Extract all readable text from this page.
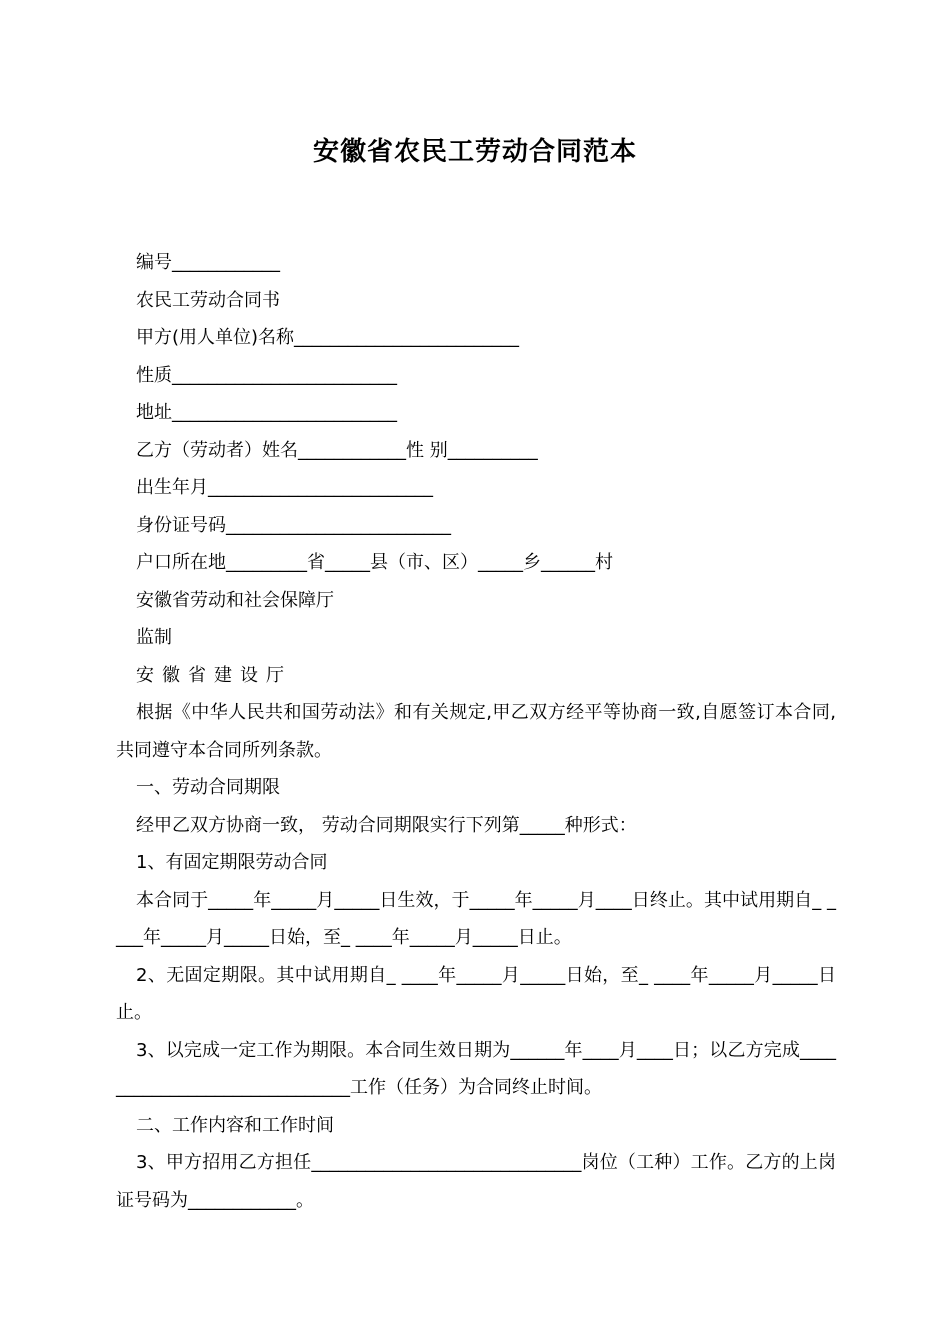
安徽省农民工劳动合同范本

编号____________

农民工劳动合同书

甲方(用人单位)名称_________________________

性质_________________________

地址_________________________

乙方（劳动者）姓名____________性 别__________

出生年月_________________________

身份证号码_________________________

户口所在地_________省_____县（市、区）_____乡______村

安徽省劳动和社会保障厅

监制

安徽省建设厅

根据《中华人民共和国劳动法》和有关规定,甲乙双方经平等协商一致,自愿签订本合同,共同遵守本合同所列条款。

一、劳动合同期限

经甲乙双方协商一致， 劳动合同期限实行下列第_____种形式：

1、有固定期限劳动合同

本合同于_____年_____月_____日生效，于_____年_____月____日终止。其中试用期自_ ____年_____月_____日始，至_ ____年_____月_____日止。

2、无固定期限。其中试用期自_ ____年_____月_____日始，至_ ____年_____月_____日止。

3、以完成一定工作为期限。本合同生效日期为______年____月____日；以乙方完成______________________________工作（任务）为合同终止时间。

二、工作内容和工作时间

3、甲方招用乙方担任______________________________岗位（工种）工作。乙方的上岗证号码为____________。
